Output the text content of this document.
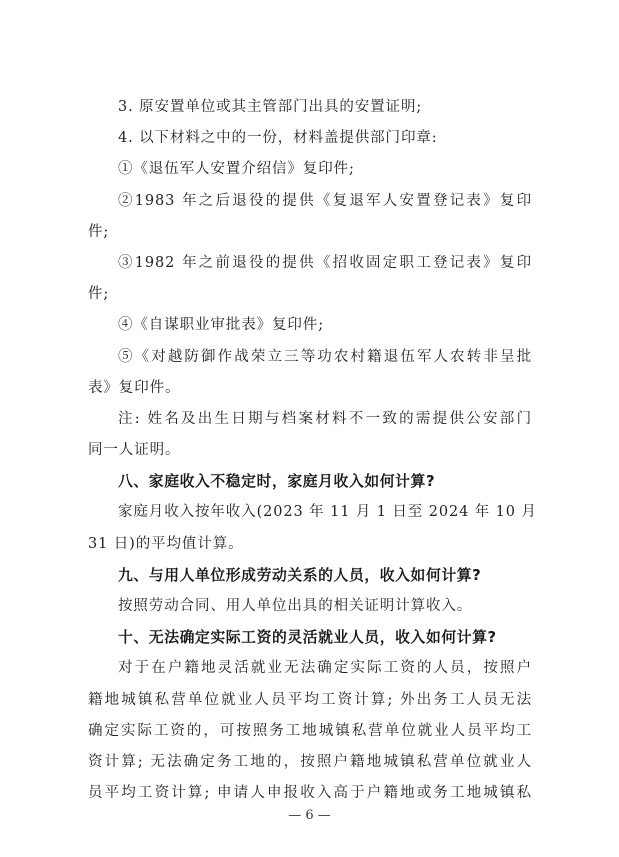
3. 原安置单位或其主管部门出具的安置证明;
4. 以下材料之中的一份，材料盖提供部门印章:
①《退伍军人安置介绍信》复印件;
②1983 年之后退役的提供《复退军人安置登记表》复印
件;
③1982 年之前退役的提供《招收固定职工登记表》复印
件;
④《自谋职业审批表》复印件;
⑤《对越防御作战荣立三等功农村籍退伍军人农转非呈批
表》复印件。
注: 姓名及出生日期与档案材料不一致的需提供公安部门
同一人证明。
八、家庭收入不稳定时，家庭月收入如何计算?
家庭月收入按年收入(2023 年 11 月 1 日至 2024 年 10 月
31 日)的平均值计算。
九、与用人单位形成劳动关系的人员，收入如何计算?
按照劳动合同、用人单位出具的相关证明计算收入。
十、无法确定实际工资的灵活就业人员，收入如何计算?
对于在户籍地灵活就业无法确定实际工资的人员，按照户
籍地城镇私营单位就业人员平均工资计算; 外出务工人员无法
确定实际工资的，可按照务工地城镇私营单位就业人员平均工
资计算; 无法确定务工地的，按照户籍地城镇私营单位就业人
员平均工资计算; 申请人申报收入高于户籍地或务工地城镇私
— 6 —
